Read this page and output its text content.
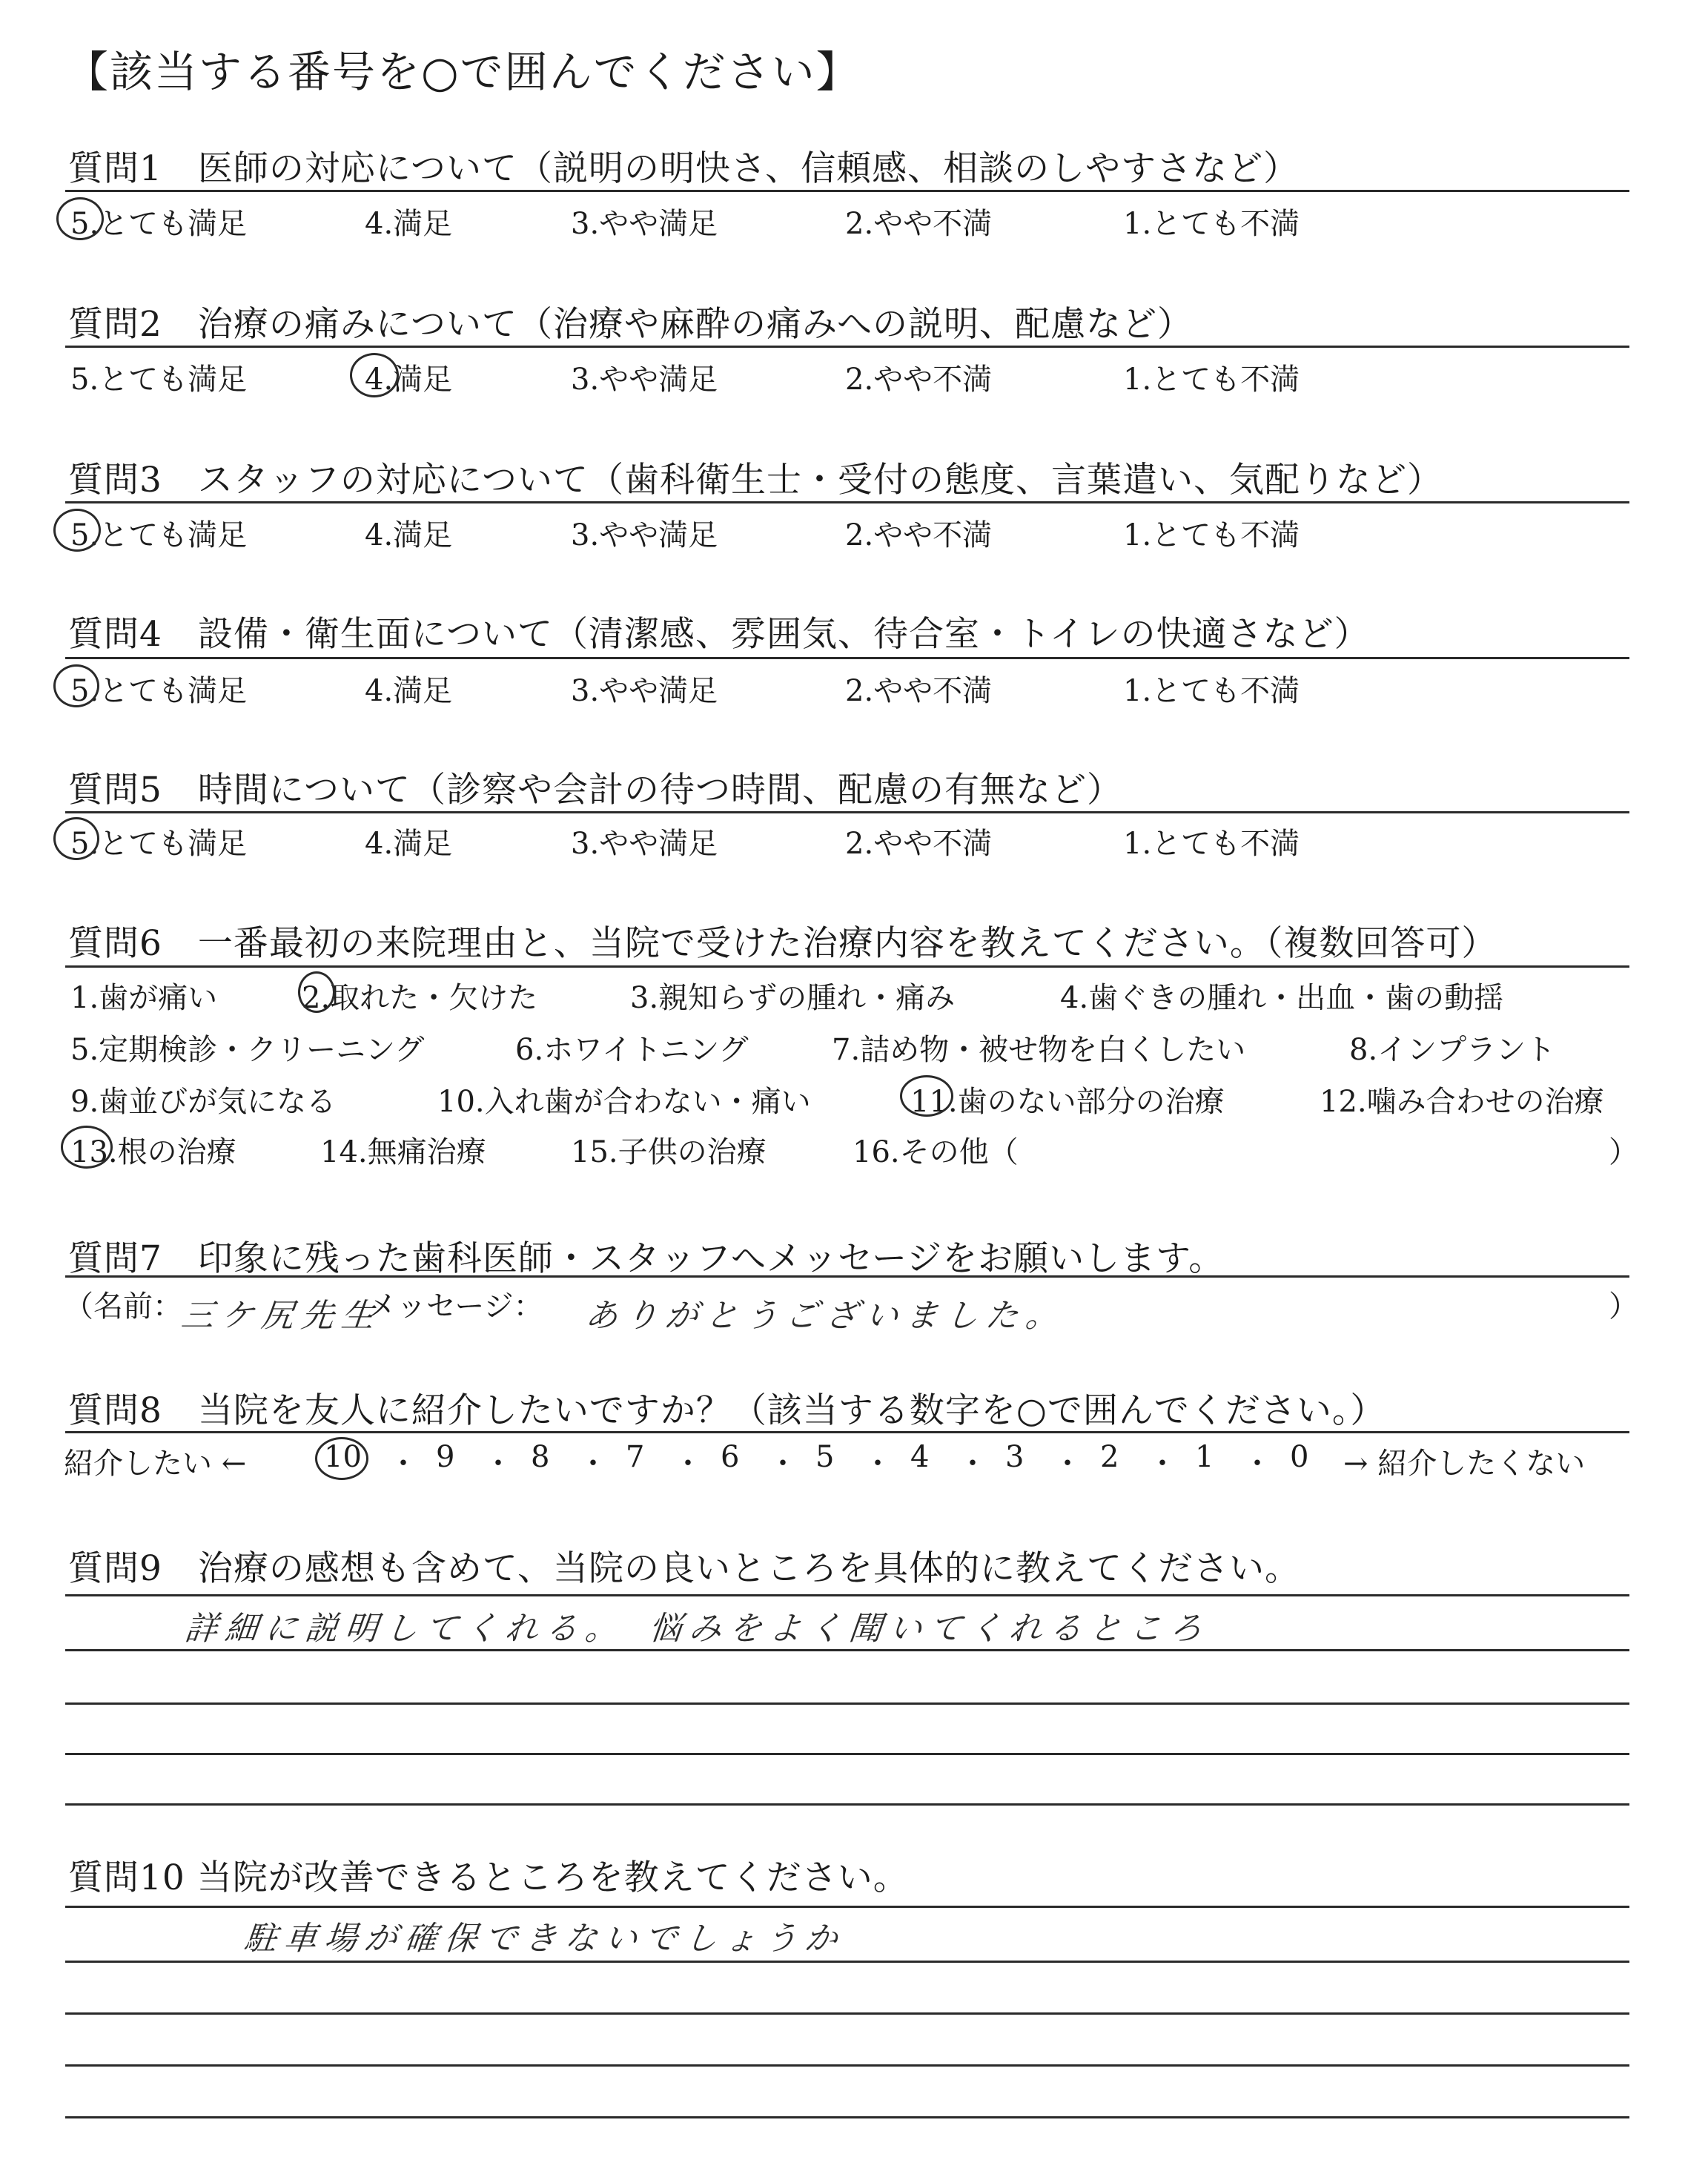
【該当する番号を○で囲んでください】
質問1　医師の対応について（説明の明快さ、信頼感、相談のしやすさなど）
5.とても満足	4.満足	3.やや満足	2.やや不満	1.とても不満
質問2　治療の痛みについて（治療や麻酔の痛みへの説明、配慮など）
5.とても満足	4.満足	3.やや満足	2.やや不満	1.とても不満
質問3　スタッフの対応について（歯科衛生士・受付の態度、言葉遣い、気配りなど）
5.とても満足	4.満足	3.やや満足	2.やや不満	1.とても不満
質問4　設備・衛生面について（清潔感、雰囲気、待合室・トイレの快適さなど）
5.とても満足	4.満足	3.やや満足	2.やや不満	1.とても不満
質問5　時間について（診察や会計の待つ時間、配慮の有無など）
5.とても満足	4.満足	3.やや満足	2.やや不満	1.とても不満
質問6　一番最初の来院理由と、当院で受けた治療内容を教えてください。（複数回答可）
1.歯が痛い	2.取れた・欠けた	3.親知らずの腫れ・痛み	4.歯ぐきの腫れ・出血・歯の動揺
5.定期検診・クリーニング	6.ホワイトニング	7.詰め物・被せ物を白くしたい	8.インプラント
9.歯並びが気になる	10.入れ歯が合わない・痛い	11.歯のない部分の治療	12.噛み合わせの治療
13.根の治療	14.無痛治療	15.子供の治療	16.その他（	）
質問7　印象に残った歯科医師・スタッフへメッセージをお願いします。
（名前：
三ケ尻先生
メッセージ： ありがとうございました。	）
質問8　当院を友人に紹介したいですか？（該当する数字を○で囲んでください。）
紹介したい ←	10 ・ 9 ・ 8 ・ 7 ・ 6 ・ 5 ・ 4 ・ 3 ・ 2 ・ 1 ・ 0 → 紹介したくない
質問9　治療の感想も含めて、当院の良いところを具体的に教えてください。
詳細に説明してくれる。　悩みをよく聞いてくれるところ
質問10 当院が改善できるところを教えてください。
駐車場が確保できないでしょうか
